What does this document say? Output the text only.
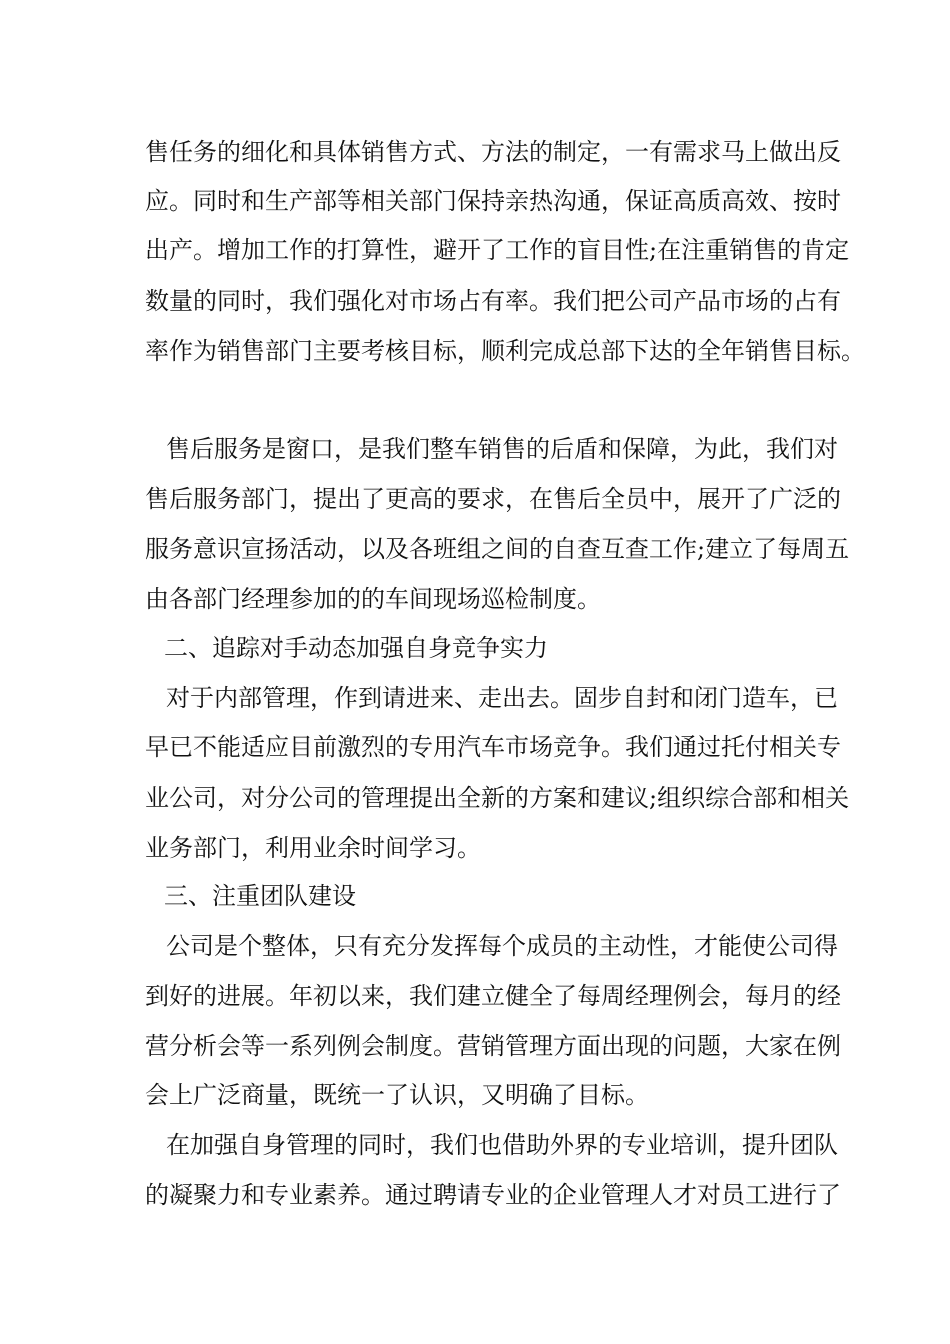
售任务的细化和具体销售方式、方法的制定，一有需求马上做出反
应。同时和生产部等相关部门保持亲热沟通，保证高质高效、按时
出产。增加工作的打算性，避开了工作的盲目性;在注重销售的肯定
数量的同时，我们强化对市场占有率。我们把公司产品市场的占有
率作为销售部门主要考核目标，顺利完成总部下达的全年销售目标。
售后服务是窗口，是我们整车销售的后盾和保障，为此，我们对
售后服务部门，提出了更高的要求，在售后全员中，展开了广泛的
服务意识宣扬活动，以及各班组之间的自查互查工作;建立了每周五
由各部门经理参加的的车间现场巡检制度。
二、追踪对手动态加强自身竞争实力
对于内部管理，作到请进来、走出去。固步自封和闭门造车，已
早已不能适应目前激烈的专用汽车市场竞争。我们通过托付相关专
业公司，对分公司的管理提出全新的方案和建议;组织综合部和相关
业务部门，利用业余时间学习。
三、注重团队建设
公司是个整体，只有充分发挥每个成员的主动性，才能使公司得
到好的进展。年初以来，我们建立健全了每周经理例会，每月的经
营分析会等一系列例会制度。营销管理方面出现的问题，大家在例
会上广泛商量，既统一了认识，又明确了目标。
在加强自身管理的同时，我们也借助外界的专业培训，提升团队
的凝聚力和专业素养。通过聘请专业的企业管理人才对员工进行了
